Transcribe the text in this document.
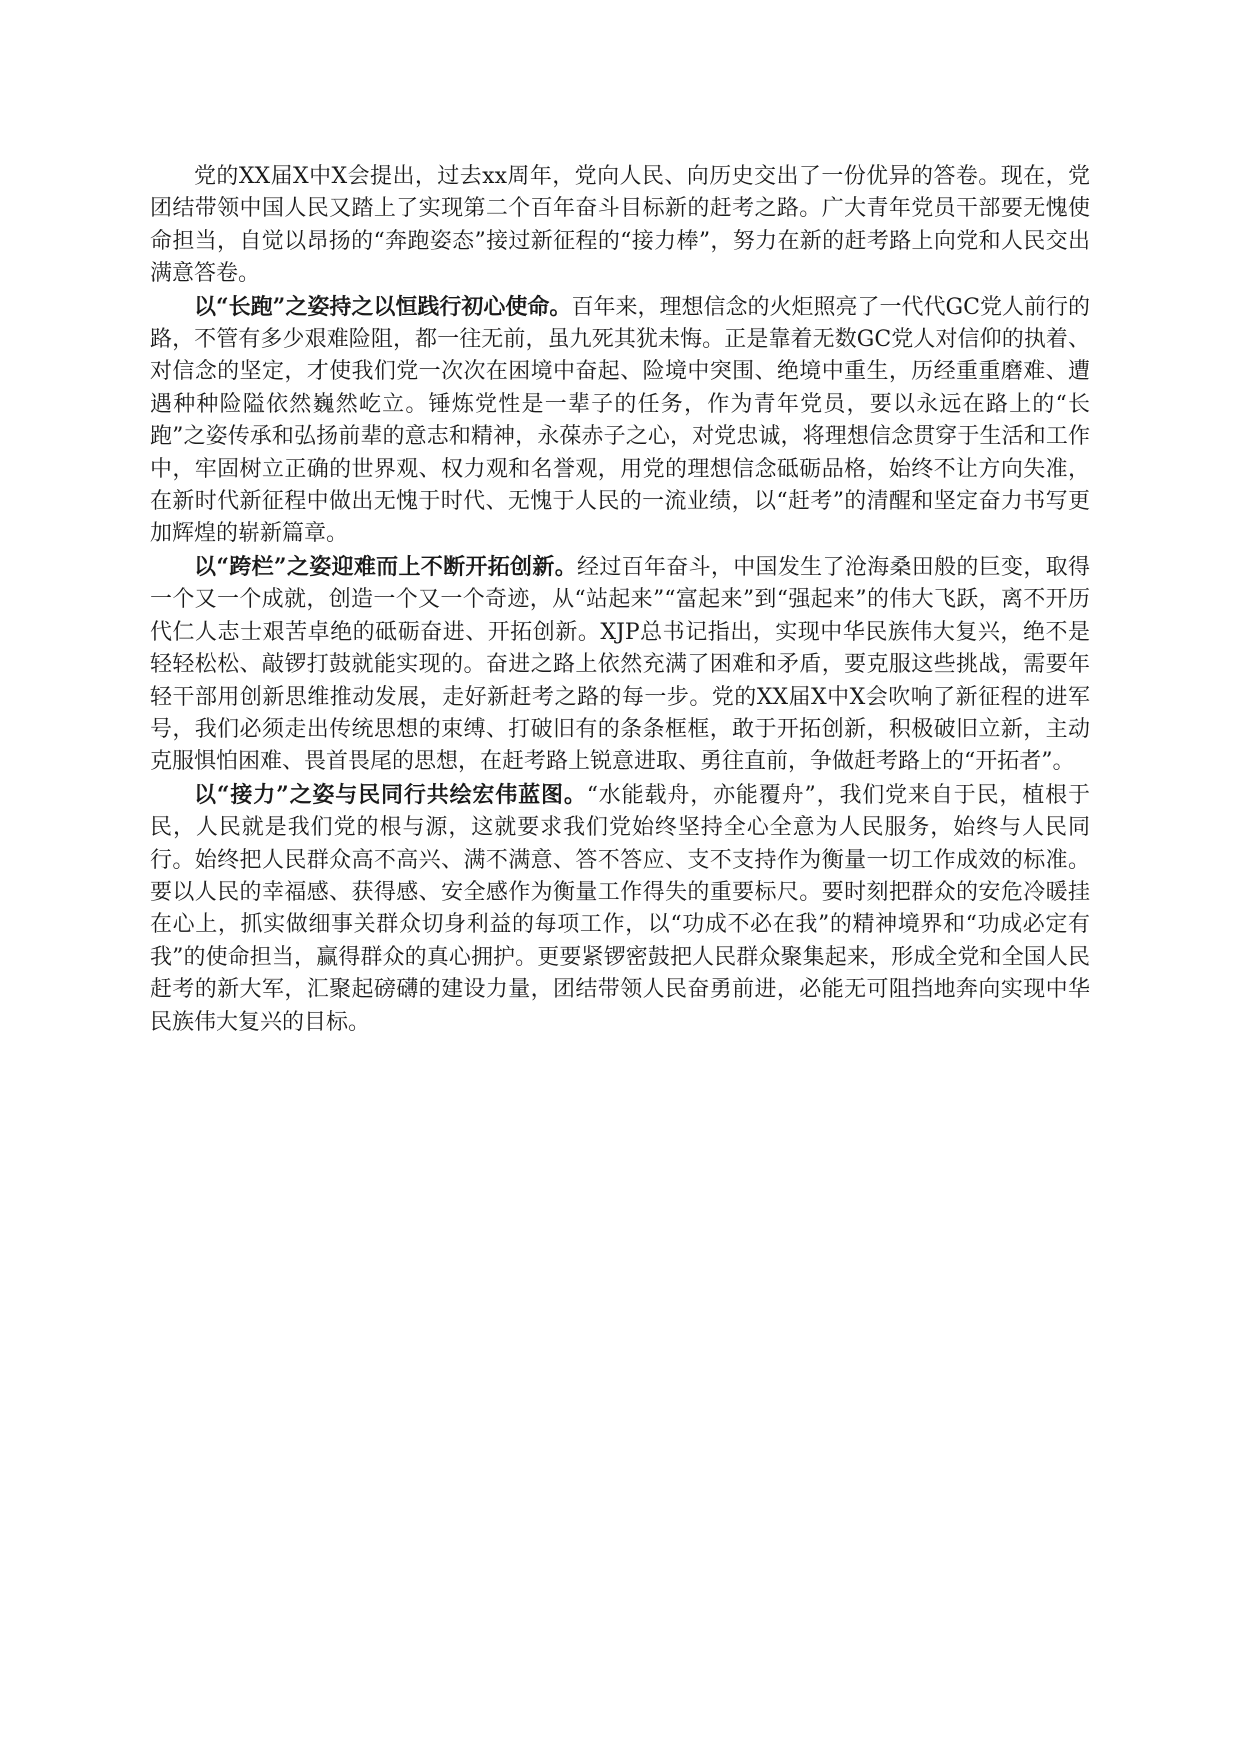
党的XX届X中X会提出，过去xx周年，党向人民、向历史交出了一份优异的答卷。现在，党团结带领中国人民又踏上了实现第二个百年奋斗目标新的赶考之路。广大青年党员干部要无愧使命担当，自觉以昂扬的“奔跑姿态”接过新征程的“接力棒”，努力在新的赶考路上向党和人民交出满意答卷。

以“长跑”之姿持之以恒践行初心使命。百年来，理想信念的火炬照亮了一代代GC党人前行的路，不管有多少艰难险阻，都一往无前，虽九死其犹未悔。正是靠着无数GC党人对信仰的执着、对信念的坚定，才使我们党一次次在困境中奋起、险境中突围、绝境中重生，历经重重磨难、遭遇种种险隘依然巍然屹立。锤炼党性是一辈子的任务，作为青年党员，要以永远在路上的“长跑”之姿传承和弘扬前辈的意志和精神，永葆赤子之心，对党忠诚，将理想信念贯穿于生活和工作中，牢固树立正确的世界观、权力观和名誉观，用党的理想信念砥砺品格，始终不让方向失准，在新时代新征程中做出无愧于时代、无愧于人民的一流业绩，以“赶考”的清醒和坚定奋力书写更加辉煌的崭新篇章。

以“跨栏”之姿迎难而上不断开拓创新。经过百年奋斗，中国发生了沧海桑田般的巨变，取得一个又一个成就，创造一个又一个奇迹，从“站起来”“富起来”到“强起来”的伟大飞跃，离不开历代仁人志士艰苦卓绝的砥砺奋进、开拓创新。XJP总书记指出，实现中华民族伟大复兴，绝不是轻轻松松、敲锣打鼓就能实现的。奋进之路上依然充满了困难和矛盾，要克服这些挑战，需要年轻干部用创新思维推动发展，走好新赶考之路的每一步。党的XX届X中X会吹响了新征程的进军号，我们必须走出传统思想的束缚、打破旧有的条条框框，敢于开拓创新，积极破旧立新，主动克服惧怕困难、畏首畏尾的思想，在赶考路上锐意进取、勇往直前，争做赶考路上的“开拓者”。

以“接力”之姿与民同行共绘宏伟蓝图。“水能载舟，亦能覆舟”，我们党来自于民，植根于民，人民就是我们党的根与源，这就要求我们党始终坚持全心全意为人民服务，始终与人民同行。始终把人民群众高不高兴、满不满意、答不答应、支不支持作为衡量一切工作成效的标准。要以人民的幸福感、获得感、安全感作为衡量工作得失的重要标尺。要时刻把群众的安危冷暖挂在心上，抓实做细事关群众切身利益的每项工作，以“功成不必在我”的精神境界和“功成必定有我”的使命担当，赢得群众的真心拥护。更要紧锣密鼓把人民群众聚集起来，形成全党和全国人民赶考的新大军，汇聚起磅礴的建设力量，团结带领人民奋勇前进，必能无可阻挡地奔向实现中华民族伟大复兴的目标。
